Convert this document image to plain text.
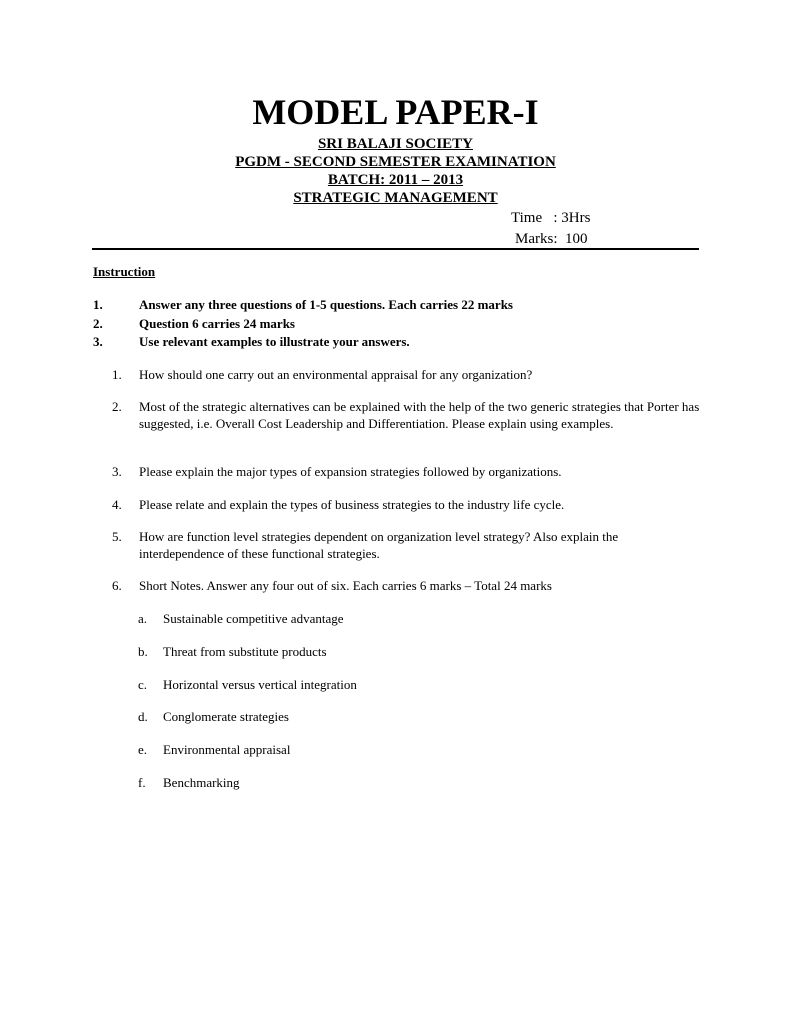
MODEL PAPER-I
SRI BALAJI SOCIETY
PGDM - SECOND SEMESTER EXAMINATION
BATCH: 2011 – 2013
STRATEGIC MANAGEMENT
Time   : 3Hrs
Marks:  100
Instruction
1.	Answer any three questions of 1-5 questions. Each carries 22 marks
2.	Question 6 carries 24 marks
3.	Use relevant examples to illustrate your answers.
1. How should one carry out an environmental appraisal for any organization?
2. Most of the strategic alternatives can be explained with the help of the two generic strategies that Porter has suggested, i.e. Overall Cost Leadership and Differentiation. Please explain using examples.
3. Please explain the major types of expansion strategies followed by organizations.
4. Please relate and explain the types of business strategies to the industry life cycle.
5. How are function level strategies dependent on organization level strategy? Also explain the interdependence of these functional strategies.
6. Short Notes. Answer any four out of six. Each carries 6 marks – Total 24 marks
a. Sustainable competitive advantage
b. Threat from substitute products
c. Horizontal versus vertical integration
d. Conglomerate strategies
e. Environmental appraisal
f. Benchmarking
